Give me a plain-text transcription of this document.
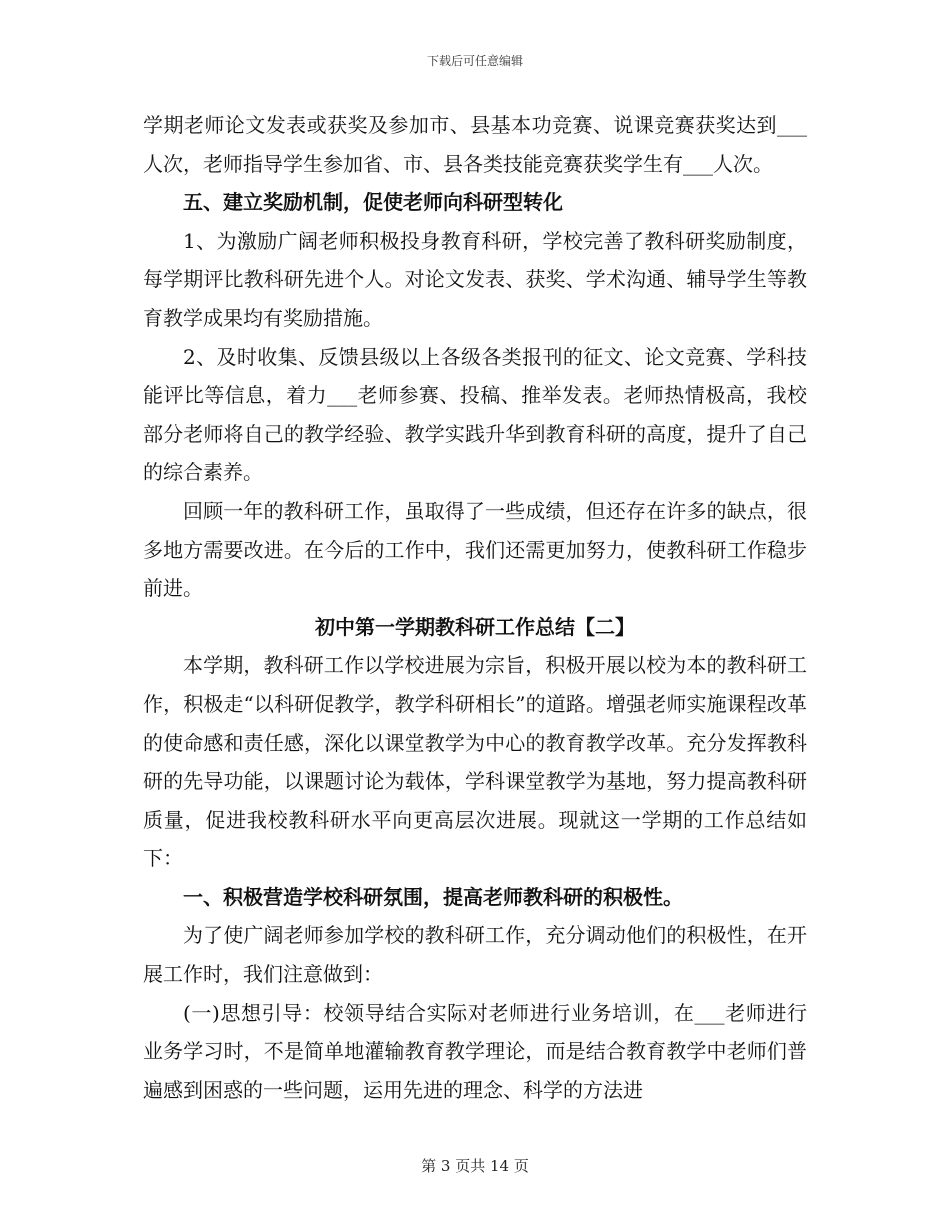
下载后可任意编辑

学期老师论文发表或获奖及参加市、县基本功竞赛、说课竞赛获奖达到___人次，老师指导学生参加省、市、县各类技能竞赛获奖学生有___人次。

五、建立奖励机制，促使老师向科研型转化

1、为激励广阔老师积极投身教育科研，学校完善了教科研奖励制度，每学期评比教科研先进个人。对论文发表、获奖、学术沟通、辅导学生等教育教学成果均有奖励措施。

2、及时收集、反馈县级以上各级各类报刊的征文、论文竞赛、学科技能评比等信息，着力___老师参赛、投稿、推举发表。老师热情极高，我校部分老师将自己的教学经验、教学实践升华到教育科研的高度，提升了自己的综合素养。

回顾一年的教科研工作，虽取得了一些成绩，但还存在许多的缺点，很多地方需要改进。在今后的工作中，我们还需更加努力，使教科研工作稳步前进。

初中第一学期教科研工作总结【二】

本学期，教科研工作以学校进展为宗旨，积极开展以校为本的教科研工作，积极走“以科研促教学，教学科研相长”的道路。增强老师实施课程改革的使命感和责任感，深化以课堂教学为中心的教育教学改革。充分发挥教科研的先导功能，以课题讨论为载体，学科课堂教学为基地，努力提高教科研质量，促进我校教科研水平向更高层次进展。现就这一学期的工作总结如下：

一、积极营造学校科研氛围，提高老师教科研的积极性。

为了使广阔老师参加学校的教科研工作，充分调动他们的积极性，在开展工作时，我们注意做到：

(一)思想引导：校领导结合实际对老师进行业务培训，在___老师进行业务学习时，不是简单地灌输教育教学理论，而是结合教育教学中老师们普遍感到困惑的一些问题，运用先进的理念、科学的方法进

第 3 页共 14 页
